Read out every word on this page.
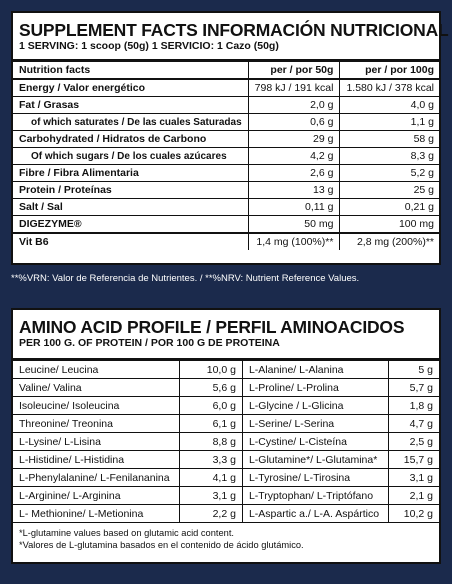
SUPPLEMENT FACTS INFORMACIÓN NUTRICIONAL
1 SERVING: 1 scoop (50g) 1 SERVICIO: 1 Cazo (50g)
Nutrition facts	per / por 50g	per / por 100g
Energy / Valor energético	798 kJ / 191 kcal	1.580 kJ / 378 kcal
Fat / Grasas	2,0 g	4,0 g
of which saturates / De las cuales Saturadas	0,6 g	1,1 g
Carbohydrated / Hidratos de Carbono	29 g	58 g
Of which sugars / De los cuales azúcares	4,2 g	8,3 g
Fibre / Fibra Alimentaria	2,6 g	5,2 g
Protein / Proteínas	13 g	25 g
Salt / Sal	0,11 g	0,21 g
DIGEZYME®	50 mg	100 mg
Vit B6	1,4 mg (100%)**	2,8 mg (200%)**
**%VRN: Valor de Referencia de Nutrientes. / **%NRV: Nutrient Reference Values.
AMINO ACID PROFILE / PERFIL AMINOACIDOS
PER 100 G. OF PROTEIN / POR 100 G DE PROTEINA
Leucine/ Leucina	10,0 g	L-Alanine/ L-Alanina	5 g
Valine/ Valina	5,6 g	L-Proline/ L-Prolina	5,7 g
Isoleucine/ Isoleucina	6,0 g	L-Glycine / L-Glicina	1,8 g
Threonine/ Treonina	6,1 g	L-Serine/ L-Serina	4,7 g
L-Lysine/ L-Lisina	8,8 g	L-Cystine/ L-Cisteína	2,5 g
L-Histidine/ L-Histidina	3,3 g	L-Glutamine*/ L-Glutamina*	15,7 g
L-Phenylalanine/ L-Fenilananina	4,1 g	L-Tyrosine/ L-Tirosina	3,1 g
L-Arginine/ L-Arginina	3,1 g	L-Tryptophan/ L-Triptófano	2,1 g
L- Methionine/ L-Metionina	2,2 g	L-Aspartic a./ L-A. Aspártico	10,2 g
*L-glutamine values based on glutamic acid content.
*Valores de L-glutamina basados en el contenido de ácido glutámico.
